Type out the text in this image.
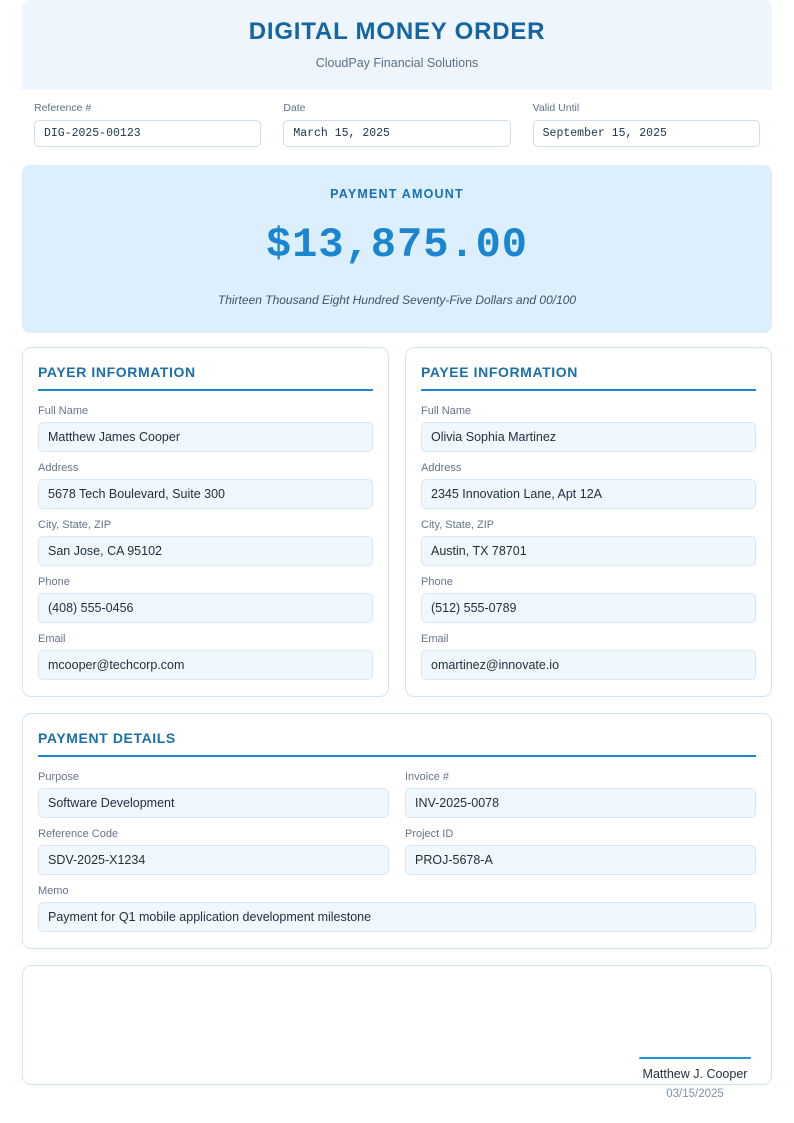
DIGITAL MONEY ORDER
CloudPay Financial Solutions
Reference #
DIG-2025-00123
Date
March 15, 2025
Valid Until
September 15, 2025
PAYMENT AMOUNT
$13,875.00
Thirteen Thousand Eight Hundred Seventy-Five Dollars and 00/100
PAYER INFORMATION
Full Name
Matthew James Cooper
Address
5678 Tech Boulevard, Suite 300
City, State, ZIP
San Jose, CA 95102
Phone
(408) 555-0456
Email
mcooper@techcorp.com
PAYEE INFORMATION
Full Name
Olivia Sophia Martinez
Address
2345 Innovation Lane, Apt 12A
City, State, ZIP
Austin, TX 78701
Phone
(512) 555-0789
Email
omartinez@innovate.io
PAYMENT DETAILS
Purpose
Software Development
Invoice #
INV-2025-0078
Reference Code
SDV-2025-X1234
Project ID
PROJ-5678-A
Memo
Payment for Q1 mobile application development milestone
Matthew J. Cooper
03/15/2025
